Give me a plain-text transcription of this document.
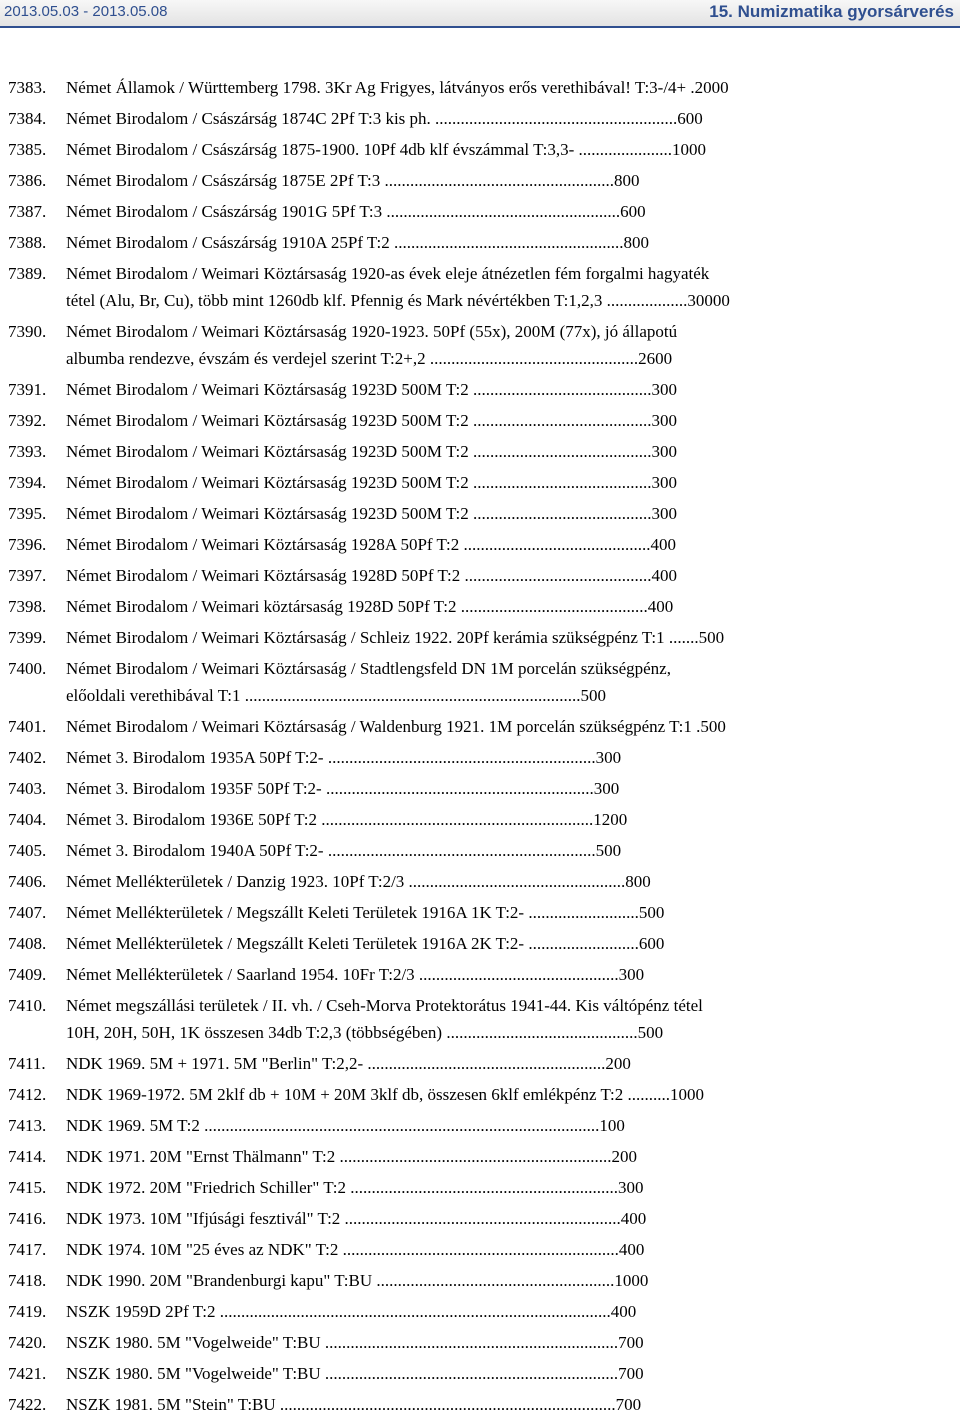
2013.05.03 - 2013.05.08	15. Numizmatika gyorsárverés
7383.	Német Államok / Württemberg 1798. 3Kr Ag Frigyes, látványos erős verethibával! T:3-/4+ .2000
7384.	Német Birodalom / Császárság 1874C 2Pf T:3 kis ph. .........................................................600
7385.	Német Birodalom / Császárság 1875-1900. 10Pf 4db klf évszámmal T:3,3- ......................1000
7386.	Német Birodalom / Császárság 1875E 2Pf T:3 ......................................................800
7387.	Német Birodalom / Császárság 1901G 5Pf T:3 .......................................................600
7388.	Német Birodalom / Császárság 1910A 25Pf T:2 ......................................................800
7389.	Német Birodalom / Weimari Köztársaság 1920-as évek eleje átnézetlen fém forgalmi hagyaték
tétel (Alu, Br, Cu), több mint 1260db klf. Pfennig és Mark névértékben T:1,2,3 ...................30000
7390.	Német Birodalom / Weimari Köztársaság 1920-1923. 50Pf (55x), 200M (77x), jó állapotú
albumba rendezve, évszám és verdejel szerint T:2+,2 .................................................2600
7391.	Német Birodalom / Weimari Köztársaság 1923D 500M T:2 ..........................................300
7392.	Német Birodalom / Weimari Köztársaság 1923D 500M T:2 ..........................................300
7393.	Német Birodalom / Weimari Köztársaság 1923D 500M T:2 ..........................................300
7394.	Német Birodalom / Weimari Köztársaság 1923D 500M T:2 ..........................................300
7395.	Német Birodalom / Weimari Köztársaság 1923D 500M T:2 ..........................................300
7396.	Német Birodalom / Weimari Köztársaság 1928A 50Pf T:2 ............................................400
7397.	Német Birodalom / Weimari Köztársaság 1928D 50Pf T:2 ............................................400
7398.	Német Birodalom / Weimari köztársaság 1928D 50Pf T:2 ............................................400
7399.	Német Birodalom / Weimari Köztársaság / Schleiz 1922. 20Pf kerámia szükségpénz T:1 .......500
7400.	Német Birodalom / Weimari Köztársaság / Stadtlengsfeld DN 1M porcelán szükségpénz,
előoldali verethibával T:1 ...............................................................................500
7401.	Német Birodalom / Weimari Köztársaság / Waldenburg 1921. 1M porcelán szükségpénz T:1 .500
7402.	Német 3. Birodalom 1935A 50Pf T:2- ...............................................................300
7403.	Német 3. Birodalom 1935F 50Pf T:2- ...............................................................300
7404.	Német 3. Birodalom 1936E 50Pf T:2 ................................................................1200
7405.	Német 3. Birodalom 1940A 50Pf T:2- ...............................................................500
7406.	Német Mellékterületek / Danzig 1923. 10Pf T:2/3 ...................................................800
7407.	Német Mellékterületek / Megszállt Keleti Területek 1916A 1K T:2- ..........................500
7408.	Német Mellékterületek / Megszállt Keleti Területek 1916A 2K T:2- ..........................600
7409.	Német Mellékterületek / Saarland 1954. 10Fr T:2/3 ...............................................300
7410.	Német megszállási területek / II. vh. / Cseh-Morva Protektorátus 1941-44. Kis váltópénz tétel
10H, 20H, 50H, 1K összesen 34db T:2,3 (többségében) .............................................500
7411.	NDK 1969. 5M + 1971. 5M "Berlin" T:2,2- ........................................................200
7412.	NDK 1969-1972. 5M 2klf db + 10M + 20M 3klf db, összesen 6klf emlékpénz T:2 ..........1000
7413.	NDK 1969. 5M T:2 .............................................................................................100
7414.	NDK 1971. 20M "Ernst Thälmann" T:2 ................................................................200
7415.	NDK 1972. 20M "Friedrich Schiller" T:2 ...............................................................300
7416.	NDK 1973. 10M "Ifjúsági fesztivál" T:2 .................................................................400
7417.	NDK 1974. 10M "25 éves az NDK" T:2 .................................................................400
7418.	NDK 1990. 20M "Brandenburgi kapu" T:BU ........................................................1000
7419.	NSZK 1959D 2Pf T:2 ............................................................................................400
7420.	NSZK 1980. 5M "Vogelweide" T:BU .....................................................................700
7421.	NSZK 1980. 5M "Vogelweide" T:BU .....................................................................700
7422.	NSZK 1981. 5M "Stein" T:BU ...............................................................................700
